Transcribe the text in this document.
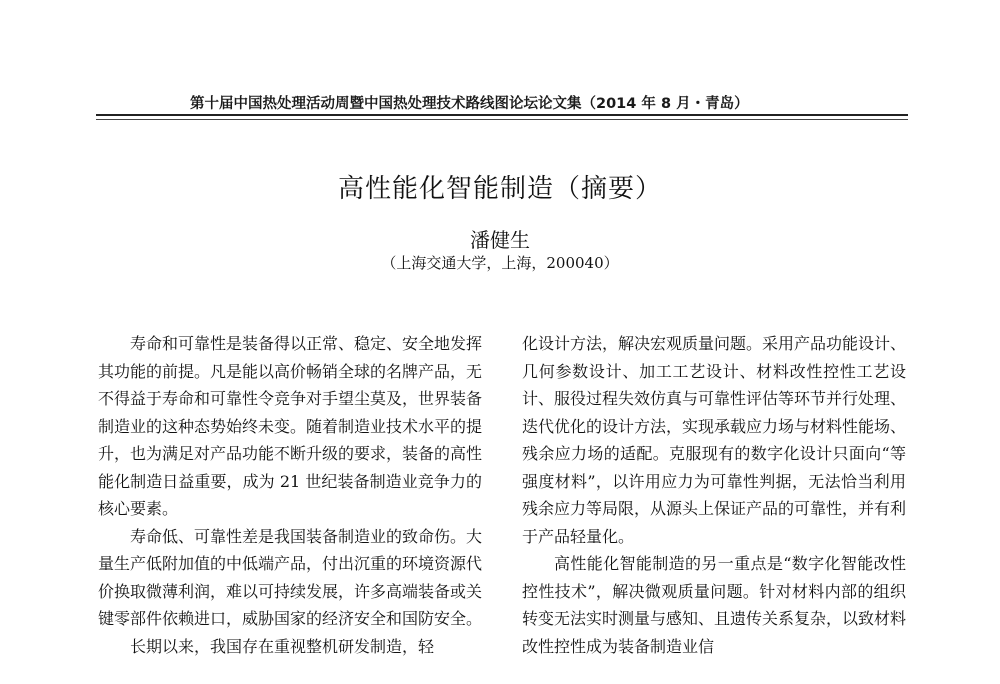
第十届中国热处理活动周暨中国热处理技术路线图论坛论文集（2014 年 8 月・青岛）
高性能化智能制造（摘要）
潘健生
（上海交通大学，上海，200040）

寿命和可靠性是装备得以正常、稳定、安全地发挥其功能的前提。凡是能以高价畅销全球的名牌产品，无不得益于寿命和可靠性令竞争对手望尘莫及，世界装备制造业的这种态势始终未变。随着制造业技术水平的提升，也为满足对产品功能不断升级的要求，装备的高性能化制造日益重要，成为 21 世纪装备制造业竞争力的核心要素。

寿命低、可靠性差是我国装备制造业的致命伤。大量生产低附加值的中低端产品，付出沉重的环境资源代价换取微薄利润，难以可持续发展，许多高端装备或关键零部件依赖进口，威胁国家的经济安全和国防安全。

长期以来，我国存在重视整机研发制造，轻

化设计方法，解决宏观质量问题。采用产品功能设计、几何参数设计、加工工艺设计、材料改性控性工艺设计、服役过程失效仿真与可靠性评估等环节并行处理、迭代优化的设计方法，实现承载应力场与材料性能场、残余应力场的适配。克服现有的数字化设计只面向“等强度材料”，以许用应力为可靠性判据，无法恰当利用残余应力等局限，从源头上保证产品的可靠性，并有利于产品轻量化。

高性能化智能制造的另一重点是“数字化智能改性控性技术”，解决微观质量问题。针对材料内部的组织转变无法实时测量与感知、且遗传关系复杂，以致材料改性控性成为装备制造业信
